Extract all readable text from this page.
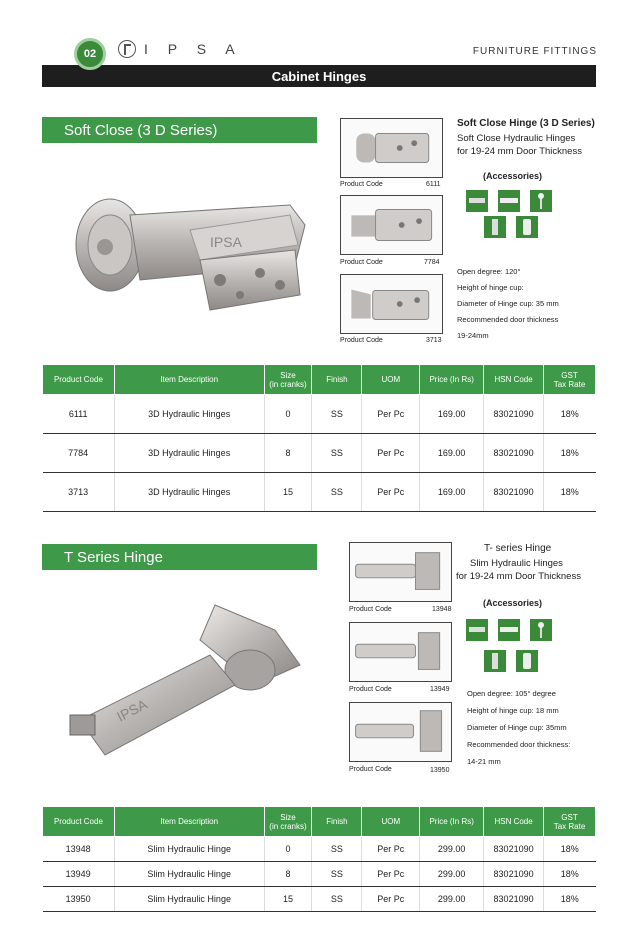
02	I P S A	FURNITURE FITTINGS
Cabinet Hinges
Soft Close (3 D Series)
IPSA
Product Code	6111
Product Code	7784
Product Code	3713
Soft Close Hinge (3 D Series)
Soft Close Hydraulic Hinges
for 19-24 mm Door Thickness
(Accessories)
Open degree: 120°
Height of hinge cup:
Diameter of Hinge cup: 35 mm
Recommended door thickness
19-24mm
Product Code	Item Description	Size
(in cranks)	Finish	UOM	Price (In Rs)	HSN Code	GST
Tax Rate
6111	3D Hydraulic Hinges	0	SS	Per Pc	169.00	83021090	18%
7784	3D Hydraulic Hinges	8	SS	Per Pc	169.00	83021090	18%
3713	3D Hydraulic Hinges	15	SS	Per Pc	169.00	83021090	18%
T Series Hinge
IPSA
Product Code	13948
Product Code	13949
Product Code	13950
T- series Hinge
Slim Hydraulic Hinges
for 19-24 mm Door Thickness
(Accessories)
Open degree: 105° degree
Height of hinge cup: 18 mm
Diameter of Hinge cup: 35mm
Recommended door thickness:
14-21 mm
Product Code	Item Description	Size
(in cranks)	Finish	UOM	Price (In Rs)	HSN Code	GST
Tax Rate
13948	Slim Hydraulic Hinge	0	SS	Per Pc	299.00	83021090	18%
13949	Slim Hydraulic Hinge	8	SS	Per Pc	299.00	83021090	18%
13950	Slim Hydraulic Hinge	15	SS	Per Pc	299.00	83021090	18%
